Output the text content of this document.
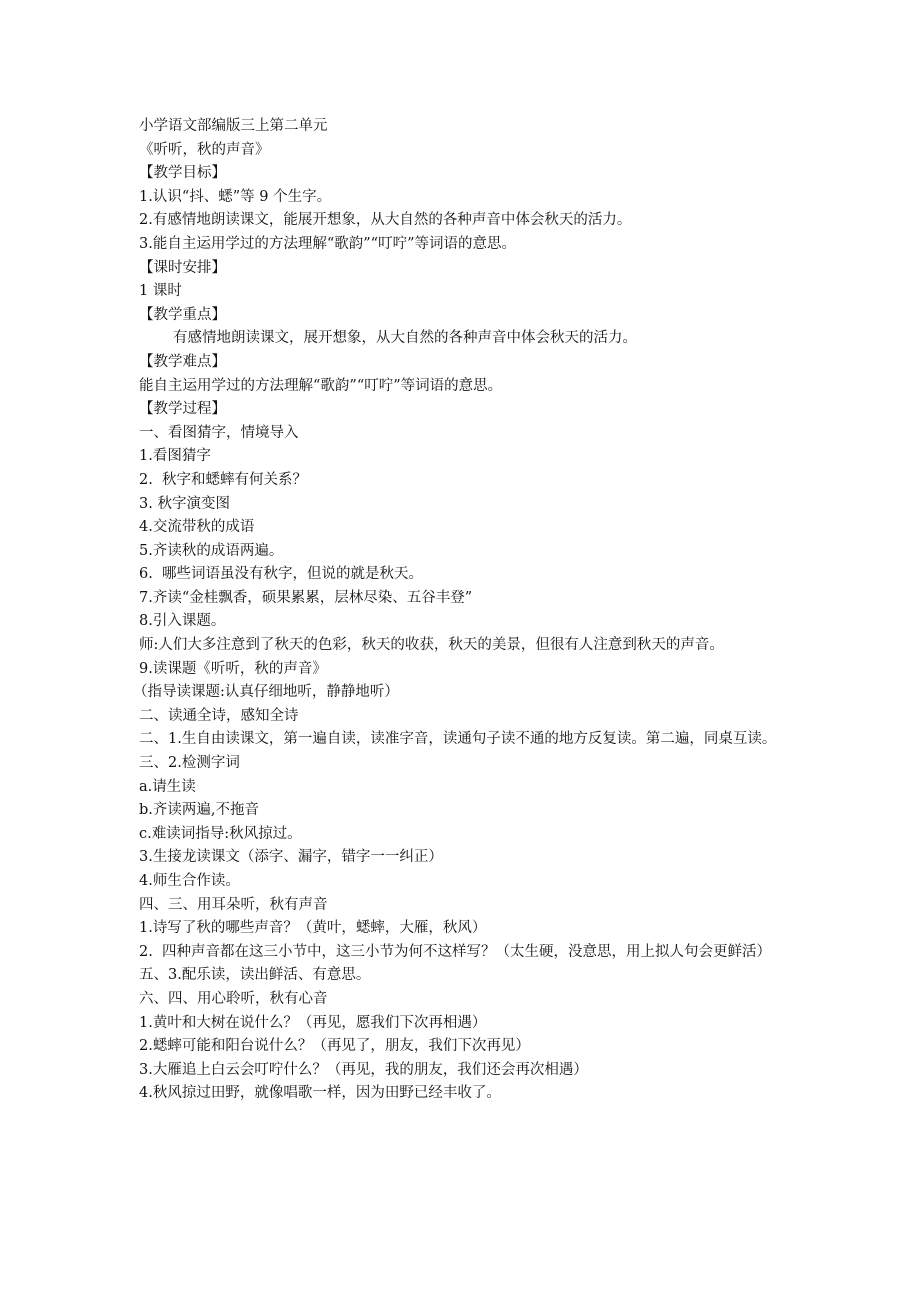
小学语文部编版三上第二单元

《听听，秋的声音》

【教学目标】

1.认识“抖、蟋”等 9 个生字。

2.有感情地朗读课文，能展开想象，从大自然的各种声音中体会秋天的活力。

3.能自主运用学过的方法理解“歌韵”“叮咛”等词语的意思。

【课时安排】

1 课时

【教学重点】

有感情地朗读课文，展开想象，从大自然的各种声音中体会秋天的活力。

【教学难点】

能自主运用学过的方法理解“歌韵”“叮咛”等词语的意思。

【教学过程】

一、看图猜字，情境导入

1.看图猜字

2.  秋字和蟋蟀有何关系？

3. 秋字演变图

4.交流带秋的成语

5.齐读秋的成语两遍。

6.  哪些词语虽没有秋字，但说的就是秋天。

7.齐读“金桂飘香，硕果累累，层林尽染、五谷丰登”

8.引入课题。

师:人们大多注意到了秋天的色彩，秋天的收获，秋天的美景，但很有人注意到秋天的声音。

9.读课题《听听，秋的声音》

（指导读课题:认真仔细地听，静静地听）

二、读通全诗，感知全诗

二、1.生自由读课文，第一遍自读，读准字音，读通句子读不通的地方反复读。第二遍，同桌互读。

三、2.检测字词

a.请生读

b.齐读两遍,不拖音

c.难读词指导:秋风掠过。

3.生接龙读课文（添字、漏字，错字一一纠正）

4.师生合作读。

四、三、用耳朵听，秋有声音

1.诗写了秋的哪些声音？（黄叶，蟋蟀，大雁，秋风）

2.  四种声音都在这三小节中，这三小节为何不这样写？（太生硬，没意思，用上拟人句会更鲜活）

五、3.配乐读，读出鲜活、有意思。

六、四、用心聆听，秋有心音

1.黄叶和大树在说什么？（再见，愿我们下次再相遇）

2.蟋蟀可能和阳台说什么？（再见了，朋友，我们下次再见）

3.大雁追上白云会叮咛什么？（再见，我的朋友，我们还会再次相遇）

4.秋风掠过田野，就像唱歌一样，因为田野已经丰收了。
